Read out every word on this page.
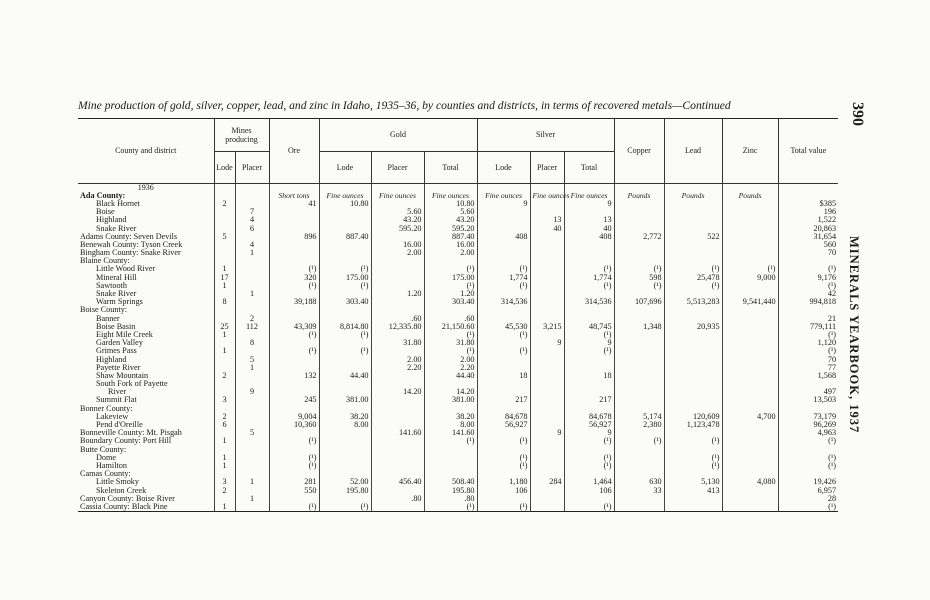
Mine production of gold, silver, copper, lead, and zinc in Idaho, 1935–36, by counties and districts, in terms of recovered metals—Continued	390
MINERALS YEARBOOK, 1937
County and district	Mines producing		Ore	Gold			Silver			Copper	Lead	Zinc	Total value
	Lode	Placer		Lode	Placer	Total	Lode	Placer	Total				
1936													
Ada County:			Short tons	Fine ounces	Fine ounces	Fine ounces	Fine ounces	Fine ounces	Fine ounces	Pounds	Pounds	Pounds	
Black Hornet	2		41	10.80		10.80	9		9				$385
Boise		7			5.60	5.60							196
Highland		4			43.20	43.20		13	13				1,522
Snake River		6			595.20	595.20		40	40				20,863
Adams County: Seven Devils	5		896	887.40		887.40	408		408	2,772	522		31,654
Benewah County: Tyson Creek		4			16.00	16.00							560
Bingham County: Snake River		1			2.00	2.00							70
Blaine County:													
Little Wood River	1		(¹)	(¹)		(¹)	(¹)		(¹)	(¹)	(¹)	(¹)	(¹)
Mineral Hill	17		320	175.00		175.00	1,774		1,774	598	25,478	9,000	9,176
Sawtooth	1		(¹)	(¹)		(¹)	(¹)		(¹)	(¹)	(¹)		(¹)
Snake River		1			1.20	1.20							42
Warm Springs	8		39,188	303.40		303.40	314,536		314,536	107,696	5,513,283	9,541,440	994,818
Boise County:													
Banner		2			.60	.60							21
Boise Basin	25	112	43,309	8,814.80	12,335.80	21,150.60	45,530	3,215	48,745	1,348	20,935		779,111
Eight Mile Creek	1		(¹)	(¹)		(¹)	(¹)		(¹)				(¹)
Garden Valley		8			31.80	31.80		9	9				1,120
Grimes Pass	1		(¹)	(¹)		(¹)	(¹)		(¹)				(¹)
Highland		5			2.00	2.00							70
Payette River		1			2.20	2.20							77
Shaw Mountain	2		132	44.40		44.40	18		18				1,568
South Fork of Payette													
River		9			14.20	14.20							497
Summit Flat	3		245	381.00		381.00	217		217				13,503
Bonner County:													
Lakeview	2		9,004	38.20		38.20	84,678		84,678	5,174	120,609	4,700	73,179
Pend d'Oreille	6		10,360	8.00		8.00	56,927		56,927	2,380	1,123,478		96,269
Bonneville County: Mt. Pisgah		5			141.60	141.60		9	9				4,963
Boundary County: Port Hill	1		(¹)			(¹)	(¹)		(¹)	(¹)	(¹)		(¹)
Butte County:													
Dome	1		(¹)				(¹)		(¹)		(¹)		(¹)
Hamilton	1		(¹)				(¹)		(¹)		(¹)		(¹)
Camas County:													
Little Smoky	3	1	281	52.00	456.40	508.40	1,180	284	1,464	630	5,130	4,080	19,426
Skeleton Creek	2		550	195.80		195.80	106		106	33	413		6,957
Canyon County: Boise River		1			.80	.80							28
Cassia County: Black Pine	1		(¹)	(¹)		(¹)	(¹)		(¹)				(¹)
